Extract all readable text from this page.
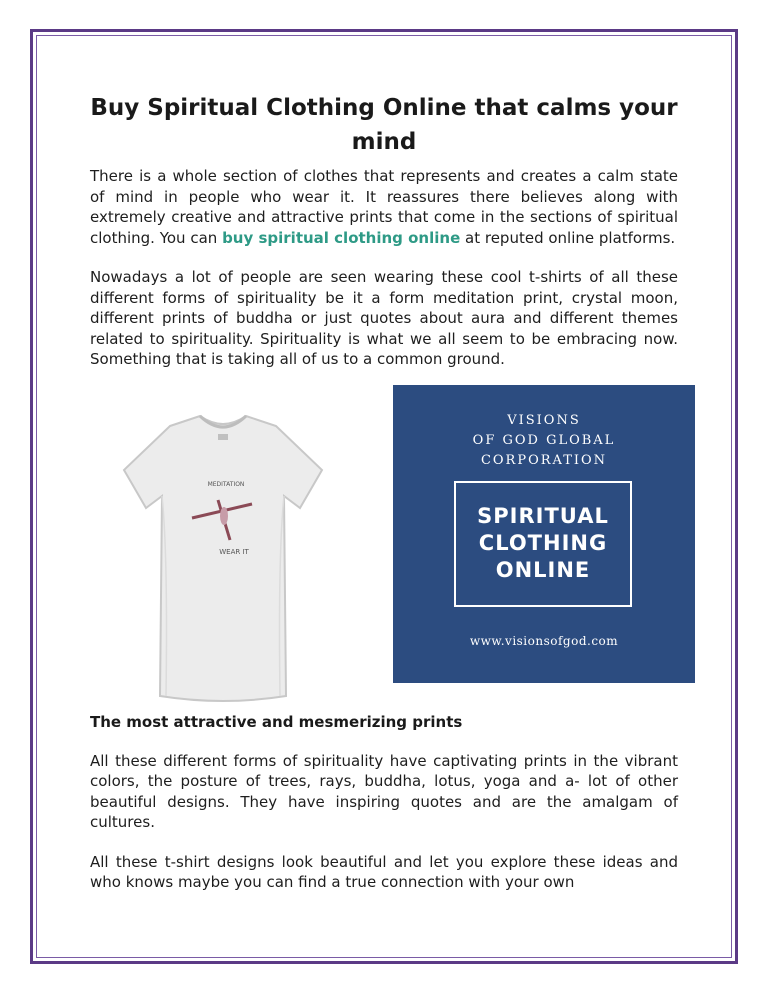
Buy Spiritual Clothing Online that calms your mind

There is a whole section of clothes that represents and creates a calm state of mind in people who wear it. It reassures there believes along with extremely creative and attractive prints that come in the sections of spiritual clothing. You can buy spiritual clothing online at reputed online platforms.

Nowadays a lot of people are seen wearing these cool t-shirts of all these different forms of spirituality be it a form meditation print, crystal moon, different prints of buddha or just quotes about aura and different themes related to spirituality. Spirituality is what we all seem to be embracing now. Something that is taking all of us to a common ground.

MEDITATION
WEAR IT
VISIONS
OF GOD GLOBAL
CORPORATION
SPIRITUAL
CLOTHING
ONLINE
www.visionsofgod.com
The most attractive and mesmerizing prints

All these different forms of spirituality have captivating prints in the vibrant colors, the posture of trees, rays, buddha, lotus, yoga and a- lot of other beautiful designs. They have inspiring quotes and are the amalgam of cultures.

All these t-shirt designs look beautiful and let you explore these ideas and who knows maybe you can find a true connection with your own
